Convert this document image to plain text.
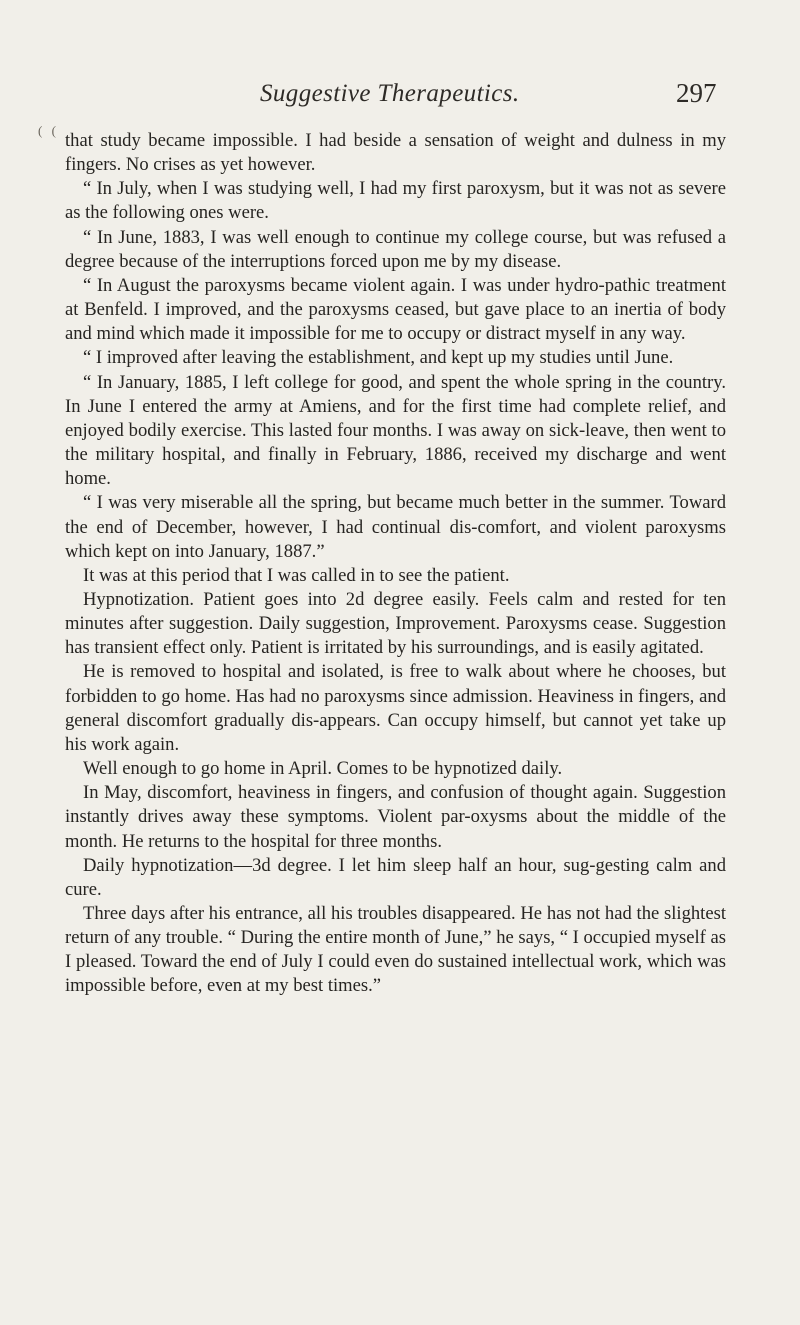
( (
Suggestive Therapeutics.	297

that study became impossible. I had beside a sensation of weight and dulness in my fingers. No crises as yet however.

“ In July, when I was studying well, I had my first paroxysm, but it was not as severe as the following ones were.

“ In June, 1883, I was well enough to continue my college course, but was refused a degree because of the interruptions forced upon me by my disease.

“ In August the paroxysms became violent again. I was under hydro-pathic treatment at Benfeld. I improved, and the paroxysms ceased, but gave place to an inertia of body and mind which made it impossible for me to occupy or distract myself in any way.

“ I improved after leaving the establishment, and kept up my studies until June.

“ In January, 1885, I left college for good, and spent the whole spring in the country. In June I entered the army at Amiens, and for the first time had complete relief, and enjoyed bodily exercise. This lasted four months. I was away on sick-leave, then went to the military hospital, and finally in February, 1886, received my discharge and went home.

“ I was very miserable all the spring, but became much better in the summer. Toward the end of December, however, I had continual dis-comfort, and violent paroxysms which kept on into January, 1887.”

It was at this period that I was called in to see the patient.

Hypnotization. Patient goes into 2d degree easily. Feels calm and rested for ten minutes after suggestion. Daily suggestion, Improvement. Paroxysms cease. Suggestion has transient effect only. Patient is irritated by his surroundings, and is easily agitated.

He is removed to hospital and isolated, is free to walk about where he chooses, but forbidden to go home. Has had no paroxysms since admission. Heaviness in fingers, and general discomfort gradually dis-appears. Can occupy himself, but cannot yet take up his work again.

Well enough to go home in April. Comes to be hypnotized daily.

In May, discomfort, heaviness in fingers, and confusion of thought again. Suggestion instantly drives away these symptoms. Violent par-oxysms about the middle of the month. He returns to the hospital for three months.

Daily hypnotization—3d degree. I let him sleep half an hour, sug-gesting calm and cure.

Three days after his entrance, all his troubles disappeared. He has not had the slightest return of any trouble. “ During the entire month of June,” he says, “ I occupied myself as I pleased. Toward the end of July I could even do sustained intellectual work, which was impossible before, even at my best times.”
